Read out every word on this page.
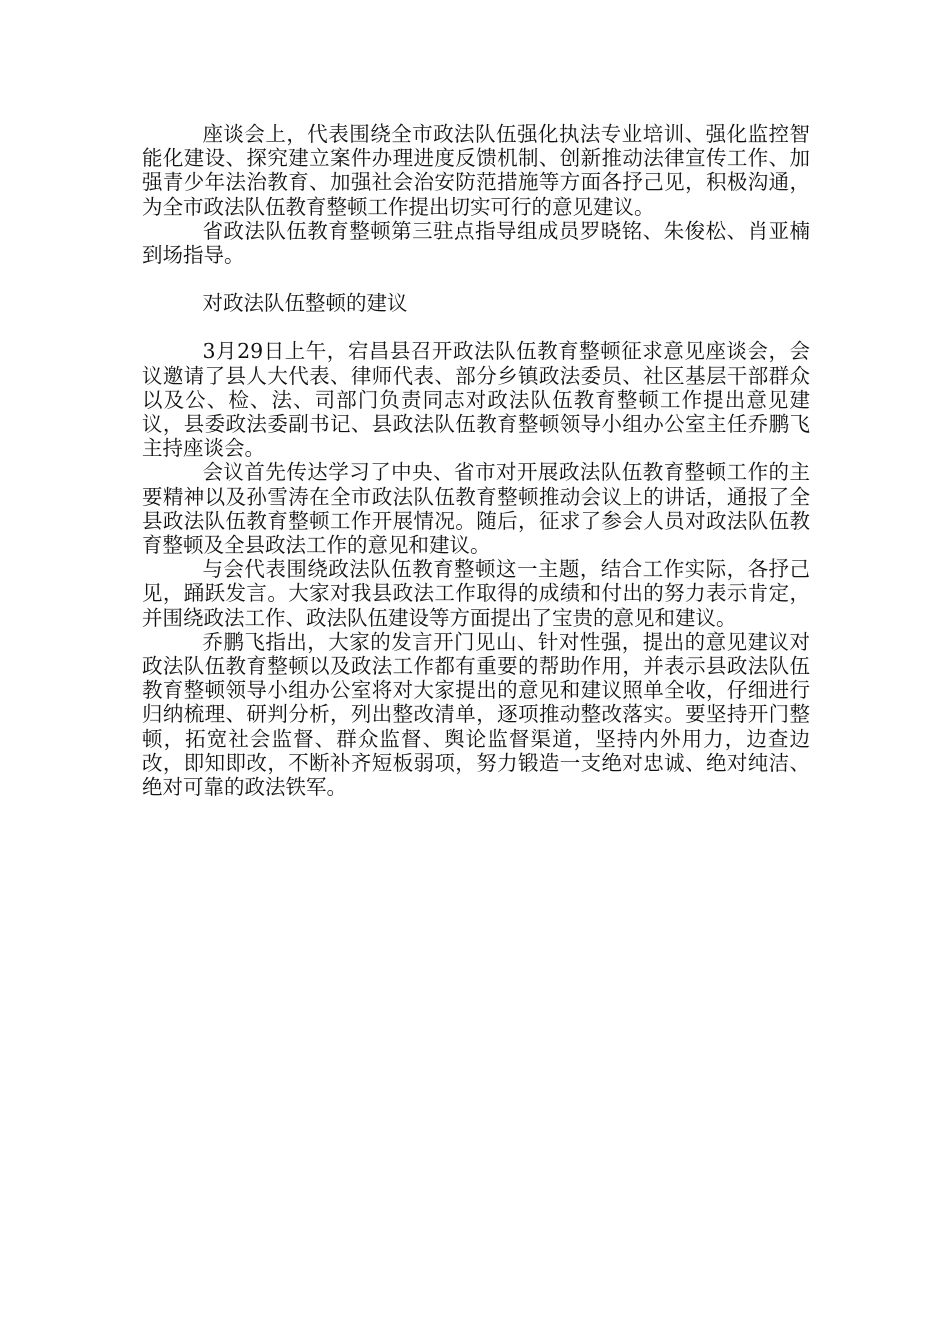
座谈会上，代表围绕全市政法队伍强化执法专业培训、强化监控智能化建设、探究建立案件办理进度反馈机制、创新推动法律宣传工作、加强青少年法治教育、加强社会治安防范措施等方面各抒己见，积极沟通，为全市政法队伍教育整顿工作提出切实可行的意见建议。

省政法队伍教育整顿第三驻点指导组成员罗晓铭、朱俊松、肖亚楠到场指导。

对政法队伍整顿的建议

3月29日上午，宕昌县召开政法队伍教育整顿征求意见座谈会，会议邀请了县人大代表、律师代表、部分乡镇政法委员、社区基层干部群众以及公、检、法、司部门负责同志对政法队伍教育整顿工作提出意见建议，县委政法委副书记、县政法队伍教育整顿领导小组办公室主任乔鹏飞主持座谈会。

会议首先传达学习了中央、省市对开展政法队伍教育整顿工作的主要精神以及孙雪涛在全市政法队伍教育整顿推动会议上的讲话，通报了全县政法队伍教育整顿工作开展情况。随后，征求了参会人员对政法队伍教育整顿及全县政法工作的意见和建议。

与会代表围绕政法队伍教育整顿这一主题，结合工作实际，各抒己见，踊跃发言。大家对我县政法工作取得的成绩和付出的努力表示肯定，并围绕政法工作、政法队伍建设等方面提出了宝贵的意见和建议。

乔鹏飞指出，大家的发言开门见山、针对性强，提出的意见建议对政法队伍教育整顿以及政法工作都有重要的帮助作用，并表示县政法队伍教育整顿领导小组办公室将对大家提出的意见和建议照单全收，仔细进行归纳梳理、研判分析，列出整改清单，逐项推动整改落实。要坚持开门整顿，拓宽社会监督、群众监督、舆论监督渠道，坚持内外用力，边查边改，即知即改，不断补齐短板弱项，努力锻造一支绝对忠诚、绝对纯洁、绝对可靠的政法铁军。
